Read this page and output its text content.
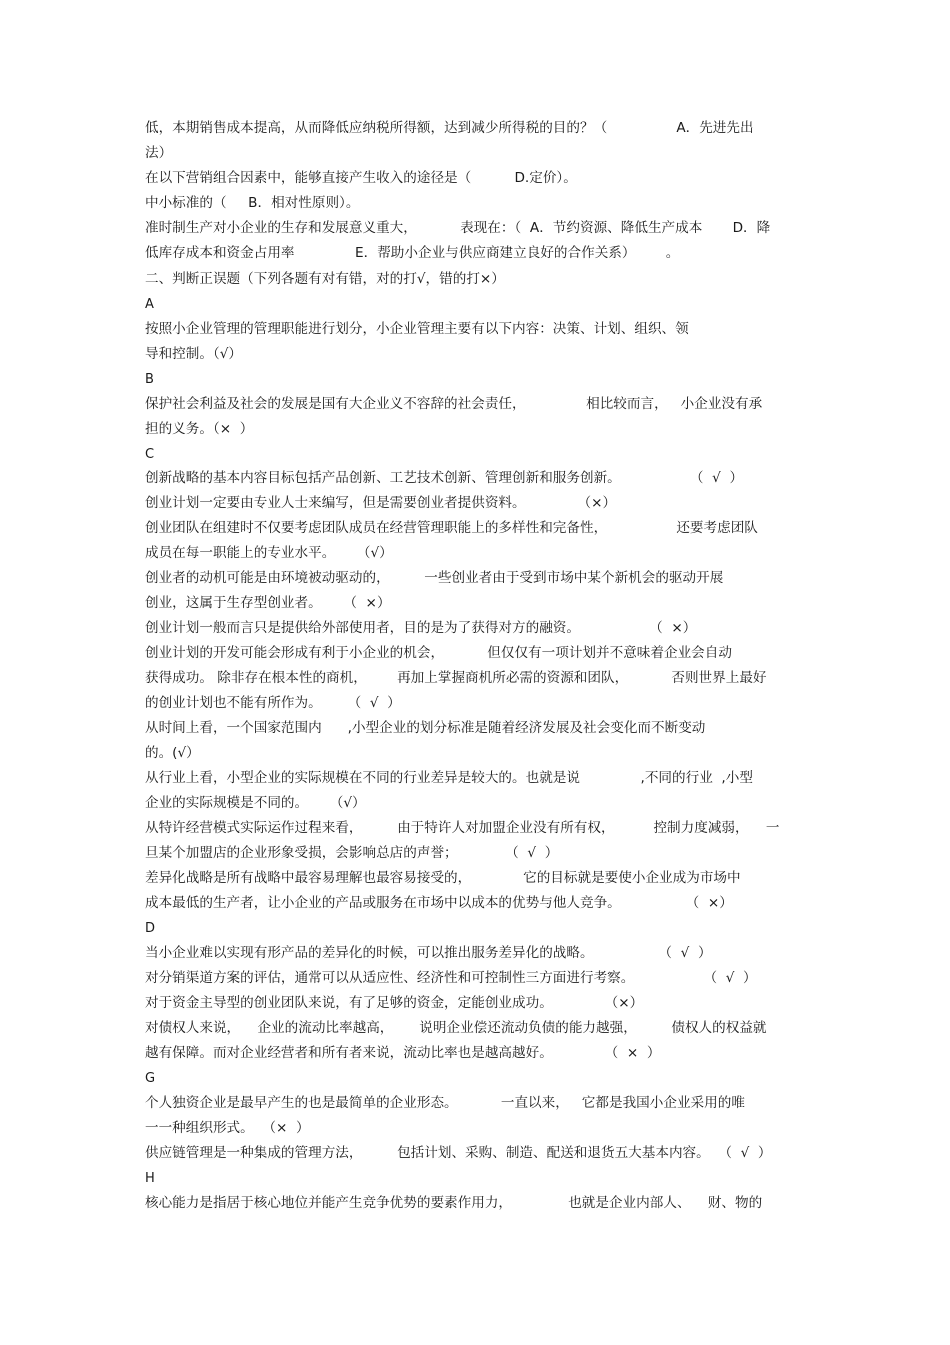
低，本期销售成本提高，从而降低应纳税所得额，达到减少所得税的目的？（                A．先进先出
法）
在以下营销组合因素中，能够直接产生收入的途径是（          D.定价）。
中小标准的（     B．相对性原则）。
准时制生产对小企业的生存和发展意义重大，          表现在：（  A．节约资源、降低生产成本       D．降
低库存成本和资金占用率              E．帮助小企业与供应商建立良好的合作关系）       。
二、判断正误题（下列各题有对有错，对的打√，错的打×）
A
按照小企业管理的管理职能进行划分，小企业管理主要有以下内容：决策、计划、组织、领
导和控制。（√）
B
保护社会利益及社会的发展是国有大企业义不容辞的社会责任，              相比较而言，   小企业没有承
担的义务。（×  ）
C
创新战略的基本内容目标包括产品创新、工艺技术创新、管理创新和服务创新。                （  √  ）
创业计划一定要由专业人士来编写，但是需要创业者提供资料。            （×）
创业团队在组建时不仅要考虑团队成员在经营管理职能上的多样性和完备性，                还要考虑团队
成员在每一职能上的专业水平。     （√）
创业者的动机可能是由环境被动驱动的，        一些创业者由于受到市场中某个新机会的驱动开展
创业，这属于生存型创业者。     （  ×）
创业计划一般而言只是提供给外部使用者，目的是为了获得对方的融资。                （  ×）
创业计划的开发可能会形成有利于小企业的机会，          但仅仅有一项计划并不意味着企业会自动
获得成功。 除非存在根本性的商机，       再加上掌握商机所必需的资源和团队，          否则世界上最好
的创业计划也不能有所作为。      （  √  ）
从时间上看，一个国家范围内      ,小型企业的划分标准是随着经济发展及社会变化而不断变动
的。(√）
从行业上看，小型企业的实际规模在不同的行业差异是较大的。也就是说              ,不同的行业  ,小型
企业的实际规模是不同的。     （√）
从特许经营模式实际运作过程来看，        由于特许人对加盟企业没有所有权，         控制力度减弱，    一
旦某个加盟店的企业形象受损，会影响总店的声誉；           （  √  ）
差异化战略是所有战略中最容易理解也最容易接受的，            它的目标就是要使小企业成为市场中
成本最低的生产者，让小企业的产品或服务在市场中以成本的优势与他人竞争。               （  ×）
D
当小企业难以实现有形产品的差异化的时候，可以推出服务差异化的战略。               （  √  ）
对分销渠道方案的评估，通常可以从适应性、经济性和可控制性三方面进行考察。                （  √  ）
对于资金主导型的创业团队来说，有了足够的资金，定能创业成功。            （×）
对债权人来说，    企业的流动比率越高，      说明企业偿还流动负债的能力越强，        债权人的权益就
越有保障。而对企业经营者和所有者来说，流动比率也是越高越好。            （  ×  ）
G
个人独资企业是最早产生的也是最简单的企业形态。          一直以来，   它都是我国小企业采用的唯
一一种组织形式。  （×  ）
供应链管理是一种集成的管理方法，        包括计划、采购、制造、配送和退货五大基本内容。  （  √  ）
H
核心能力是指居于核心地位并能产生竞争优势的要素作用力，             也就是企业内部人、    财、物的
